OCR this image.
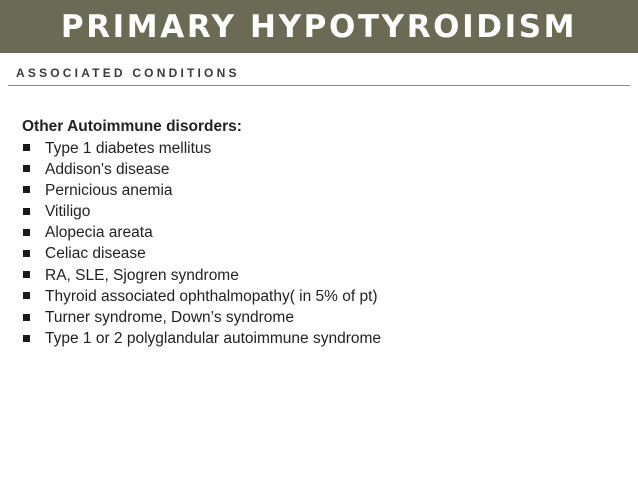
PRIMARY HYPOTYROIDISM
ASSOCIATED CONDITIONS
Other Autoimmune disorders:
Type 1 diabetes mellitus
Addison's disease
Pernicious anemia
Vitiligo
Alopecia areata
Celiac disease
RA, SLE, Sjogren syndrome
Thyroid associated ophthalmopathy( in 5% of pt)
Turner syndrome, Down’s syndrome
Type 1 or 2 polyglandular autoimmune syndrome
